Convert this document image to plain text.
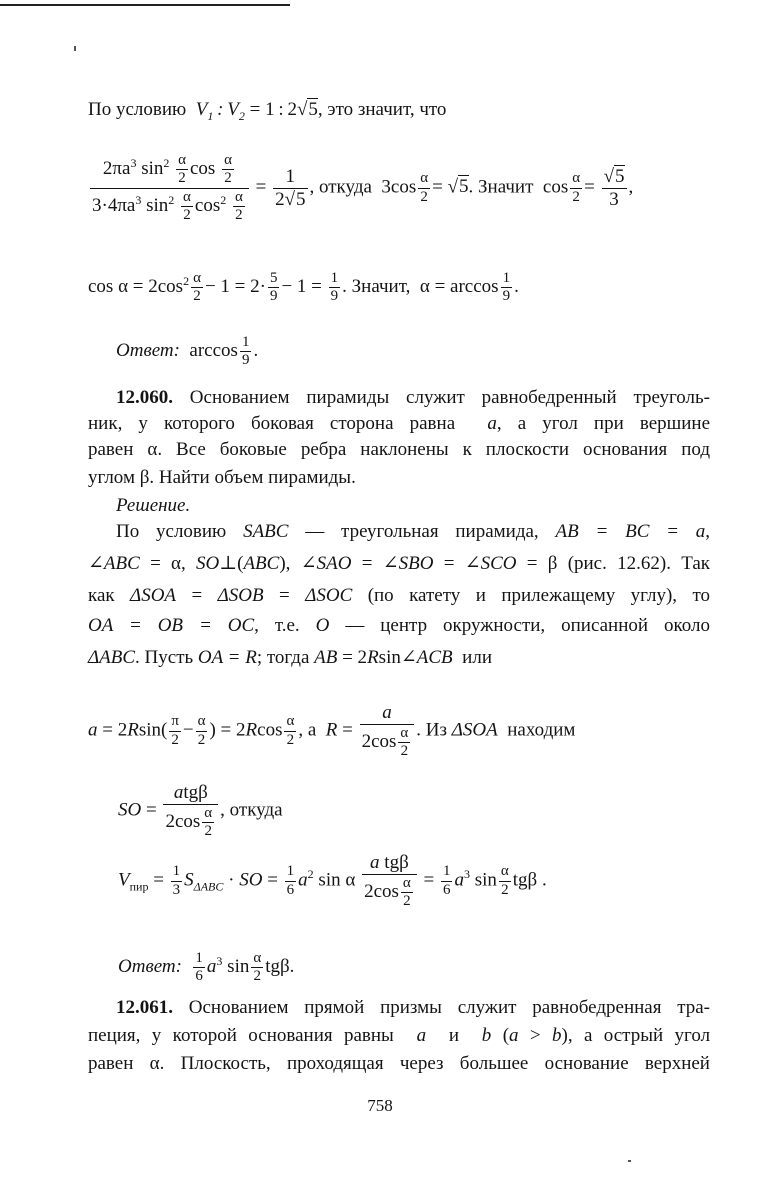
По условию  $V_1$ : $V_2 = 1$ : 2√5, это значит, что
$\frac{2\pi a^3 \sin^2 \frac{\alpha}{2} \cos \frac{\alpha}{2}}{3\cdot 4\pi a^3 \sin^2 \frac{\alpha}{2} \cos^2 \frac{\alpha}{2}} = \frac{1}{2√5}$ , откуда  $3\cos \frac{\alpha}{2} = √5$. Значит  $\cos \frac{\alpha}{2} = \frac{√5}{3}$ ,
$\cos \alpha = 2\cos^2 \frac{\alpha}{2} - 1 = 2\cdot \frac{5}{9} - 1 = \frac{1}{9}$ . Значит,  $\alpha = \arccos \frac{1}{9}$ .
Ответ:  $\arccos \frac{1}{9}$ .
12.060. Основанием пирамиды служит равнобедренный треуголь-
ник, у которого боковая сторона равна  a, а угол при вершине
равен α. Все боковые ребра наклонены к плоскости основания под
углом β. Найти объем пирамиды.
Решение.
По условию SABC — треугольная пирамида, AB = BC = a,
∠ABC = α, SO⊥(ABC), ∠SAO = ∠SBO = ∠SCO = β (рис. 12.62). Так
как ΔSOA = ΔSOB = ΔSOC (по катету и прилежащему углу), то
OA = OB = OC, т.е. O — центр окружности, описанной около
ΔABC. Пусть OA = R; тогда AB = 2Rsin∠ACB или
$a = 2Rsin( \frac{\pi}{2} - \frac{\alpha}{2}$ ) = $2Rcos \frac{\alpha}{2}$ , а $R = \frac{a}{2\cos \frac{\alpha}{2}}$ . Из ΔSOA находим
SO = $\frac{\text{atgβ}}{2\cos \frac{\alpha}{2}}$ , откуда
$V_{пир} = \frac{1}{3} S_{\Delta ABC}$ · SO = $\frac{1}{6} a^2$ sin α $\frac{\text{a tgβ}}{2\cos \frac{\alpha}{2}} = \frac{1}{6} a^3$ $\sin \frac{\alpha}{2}$ tgβ .
Ответ: $\frac{1}{6} a^3$ $\sin \frac{\alpha}{2} tg\beta$.
12.061. Основанием прямой призмы служит равнобедренная тра-
пеция, у которой основания равны  a  и  b (a > b), а острый угол
равен α. Плоскость, проходящая через большее основание верхней
758
